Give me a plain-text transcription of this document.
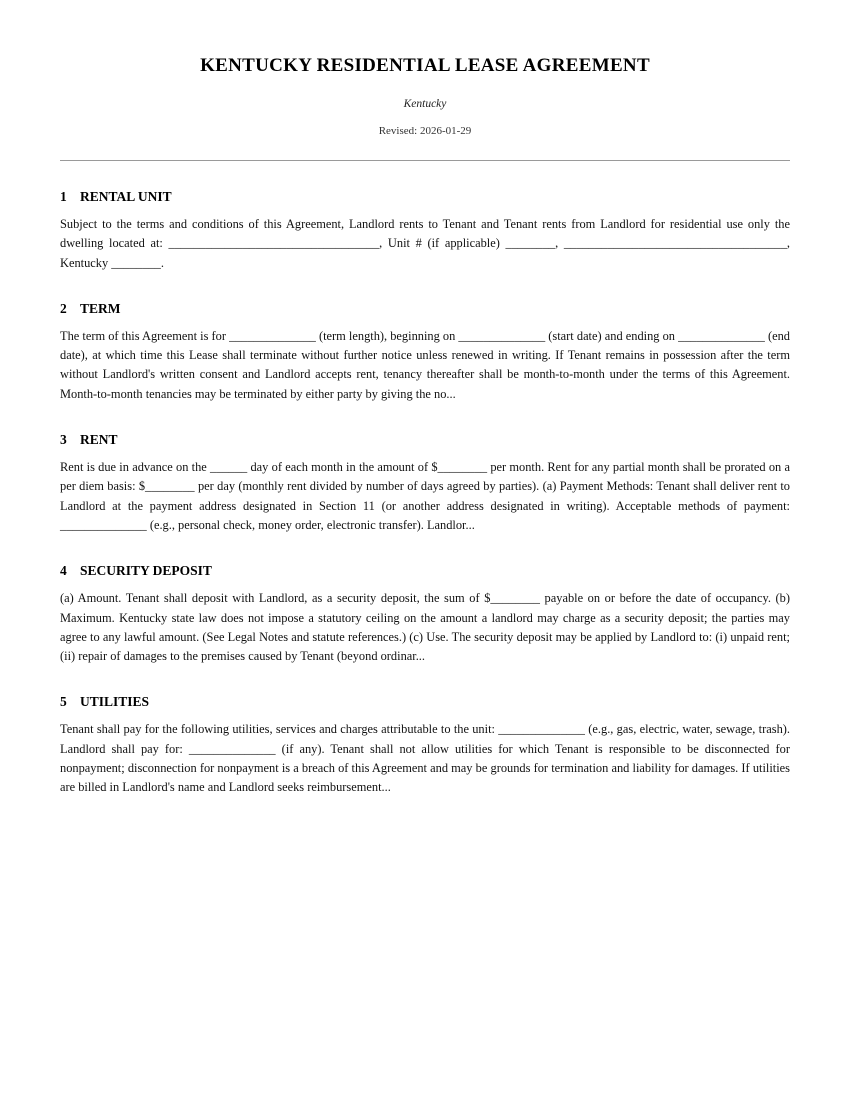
KENTUCKY RESIDENTIAL LEASE AGREEMENT

Kentucky

Revised: 2026-01-29

1 RENTAL UNIT

Subject to the terms and conditions of this Agreement, Landlord rents to Tenant and Tenant rents from Landlord for residential use only the dwelling located at: __________________________________, Unit # (if applicable) ________, ____________________________________, Kentucky ________.

2 TERM

The term of this Agreement is for ______________ (term length), beginning on ______________ (start date) and ending on ______________ (end date), at which time this Lease shall terminate without further notice unless renewed in writing. If Tenant remains in possession after the term without Landlord's written consent and Landlord accepts rent, tenancy thereafter shall be month-to-month under the terms of this Agreement. Month-to-month tenancies may be terminated by either party by giving the no...

3 RENT

Rent is due in advance on the ______ day of each month in the amount of $________ per month. Rent for any partial month shall be prorated on a per diem basis: $________ per day (monthly rent divided by number of days agreed by parties). (a) Payment Methods: Tenant shall deliver rent to Landlord at the payment address designated in Section 11 (or another address designated in writing). Acceptable methods of payment: ______________ (e.g., personal check, money order, electronic transfer). Landlor...

4 SECURITY DEPOSIT

(a) Amount. Tenant shall deposit with Landlord, as a security deposit, the sum of $________ payable on or before the date of occupancy. (b) Maximum. Kentucky state law does not impose a statutory ceiling on the amount a landlord may charge as a security deposit; the parties may agree to any lawful amount. (See Legal Notes and statute references.) (c) Use. The security deposit may be applied by Landlord to: (i) unpaid rent; (ii) repair of damages to the premises caused by Tenant (beyond ordinar...

5 UTILITIES

Tenant shall pay for the following utilities, services and charges attributable to the unit: ______________ (e.g., gas, electric, water, sewage, trash). Landlord shall pay for: ______________ (if any). Tenant shall not allow utilities for which Tenant is responsible to be disconnected for nonpayment; disconnection for nonpayment is a breach of this Agreement and may be grounds for termination and liability for damages. If utilities are billed in Landlord's name and Landlord seeks reimbursement...
